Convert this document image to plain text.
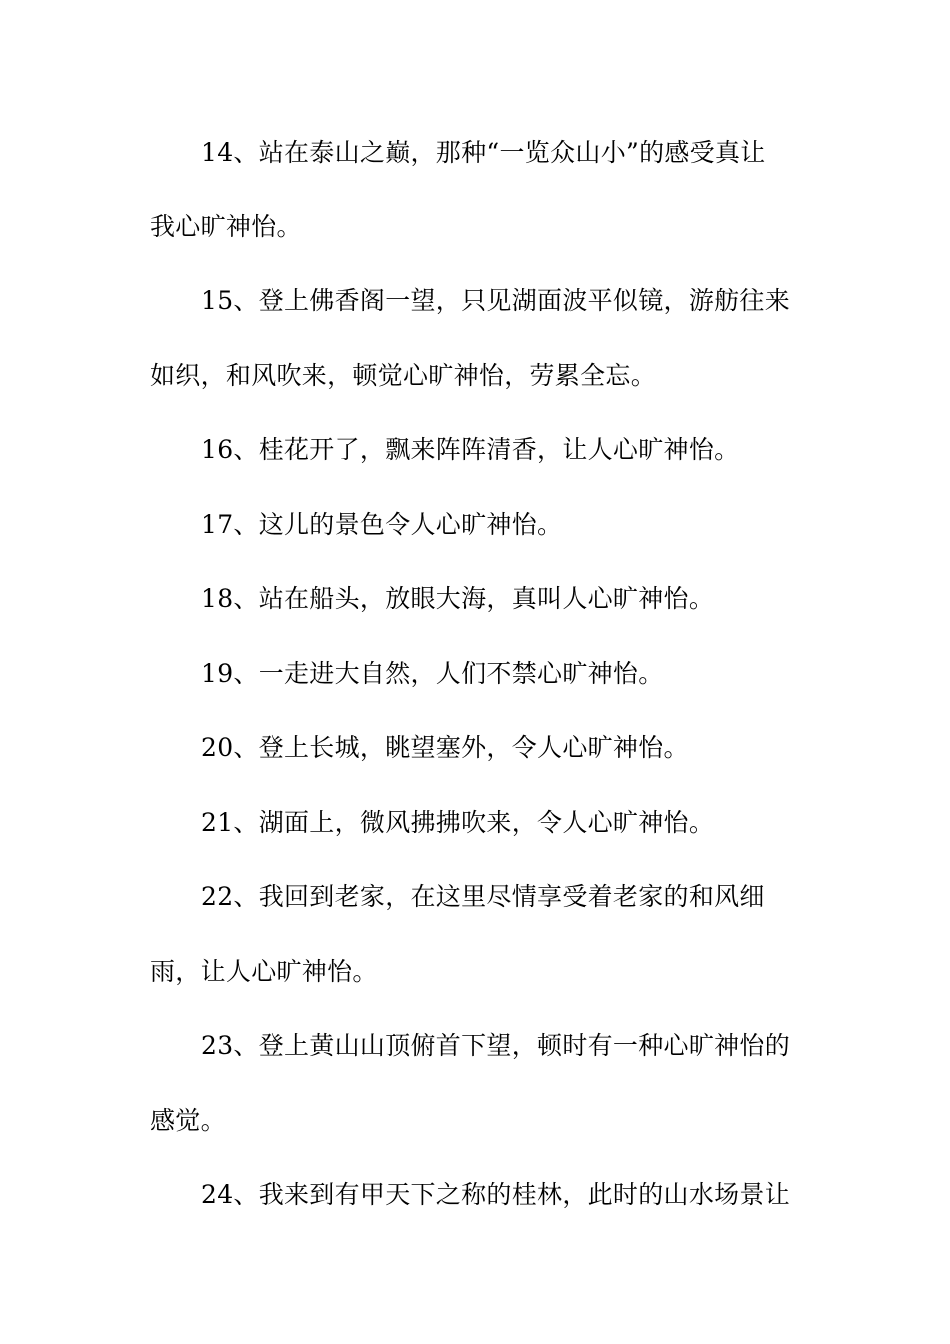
14、站在泰山之巅，那种“一览众山小”的感受真让
我心旷神怡。
15、登上佛香阁一望，只见湖面波平似镜，游舫往来
如织，和风吹来，顿觉心旷神怡，劳累全忘。
16、桂花开了，飘来阵阵清香，让人心旷神怡。
17、这儿的景色令人心旷神怡。
18、站在船头，放眼大海，真叫人心旷神怡。
19、一走进大自然，人们不禁心旷神怡。
20、登上长城，眺望塞外，令人心旷神怡。
21、湖面上，微风拂拂吹来，令人心旷神怡。
22、我回到老家，在这里尽情享受着老家的和风细
雨，让人心旷神怡。
23、登上黄山山顶俯首下望，顿时有一种心旷神怡的
感觉。
24、我来到有甲天下之称的桂林，此时的山水场景让
